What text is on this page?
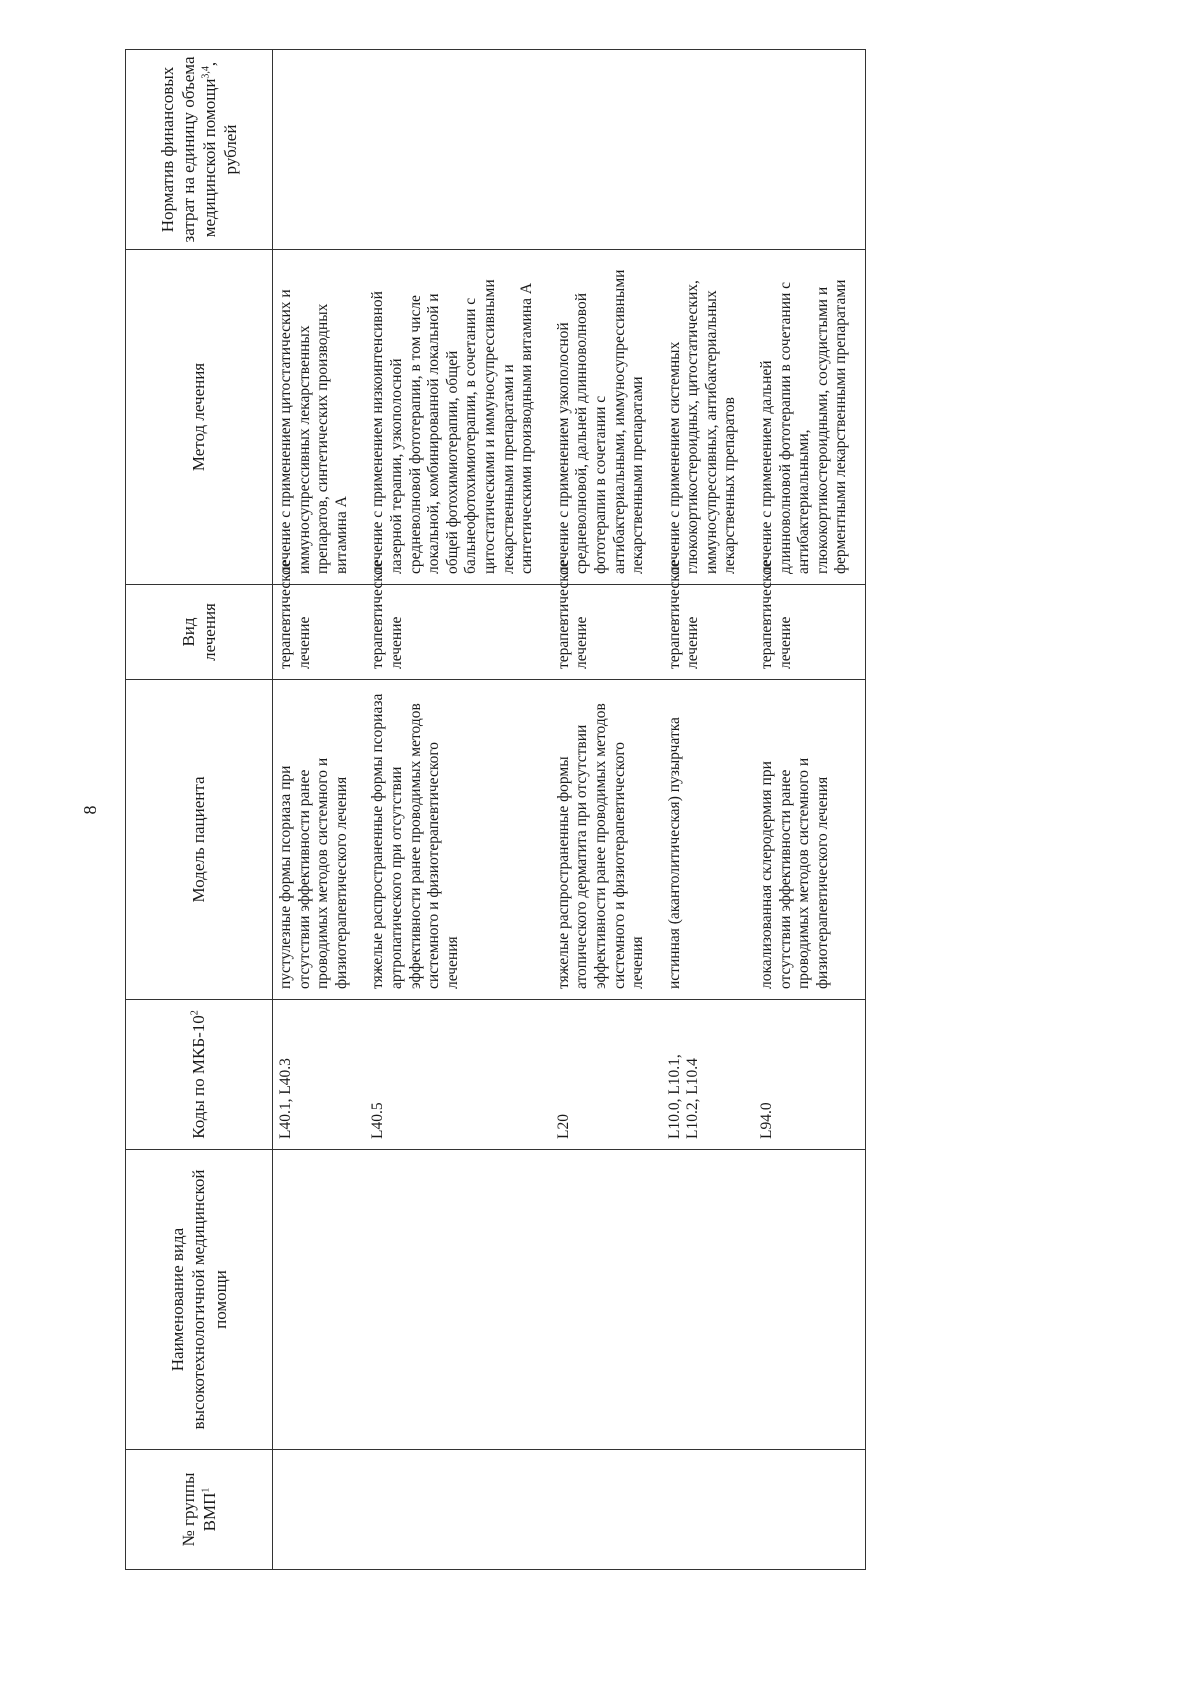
8
№ группы ВМП$^1$	Наименование вида высокотехнологичной медицинской помощи	Коды по МКБ-$10^2$	Модель пациента	Вид лечения	Метод лечения	Норматив финансовых затрат на единицу объема медицинской помощи$^{3,4}$, рублей
		L40.1, L40.3	пустулезные формы псориаза при отсутствии эффективности ранее проводимых методов системного и физиотерапевтического лечения	терапевтическое лечение	лечение с применением цитостатических и иммуносупрессивных лекарственных препаратов, синтетических производных витамина А	
		L40.5	тяжелые распространенные формы псориаза артропатического при отсутствии эффективности ранее проводимых методов системного и физиотерапевтического лечения	терапевтическое лечение	лечение с применением низкоинтенсивной лазерной терапии, узкополосной средневолновой фототерапии, в том числе локальной, комбинированной локальной и общей фотохимиотерапии, общей бальнеофотохимиотерапии, в сочетании с цитостатическими и иммуносупрессивными лекарственными препаратами и синтетическими производными витамина А	
		L20	тяжелые распространенные формы атопического дерматита при отсутствии эффективности ранее проводимых методов системного и физиотерапевтического лечения	терапевтическое лечение	лечение с применением узкополосной средневолновой, дальней длинноволновой фототерапии в сочетании с антибактериальными, иммуносупрессивными лекарственными препаратами	
		L10.0, L10.1, L10.2, L10.4	истинная (акантолитическая) пузырчатка	терапевтическое лечение	лечение с применением системных глюкокортикостероидных, цитостатических, иммуносупрессивных, антибактериальных лекарственных препаратов	
		L94.0	локализованная склеродермия при отсутствии эффективности ранее проводимых методов системного и физиотерапевтического лечения	терапевтическое лечение	лечение с применением дальней длинноволновой фототерапии в сочетании с антибактериальными, глюкокортикостероидными, сосудистыми и ферментными лекарственными препаратами	
